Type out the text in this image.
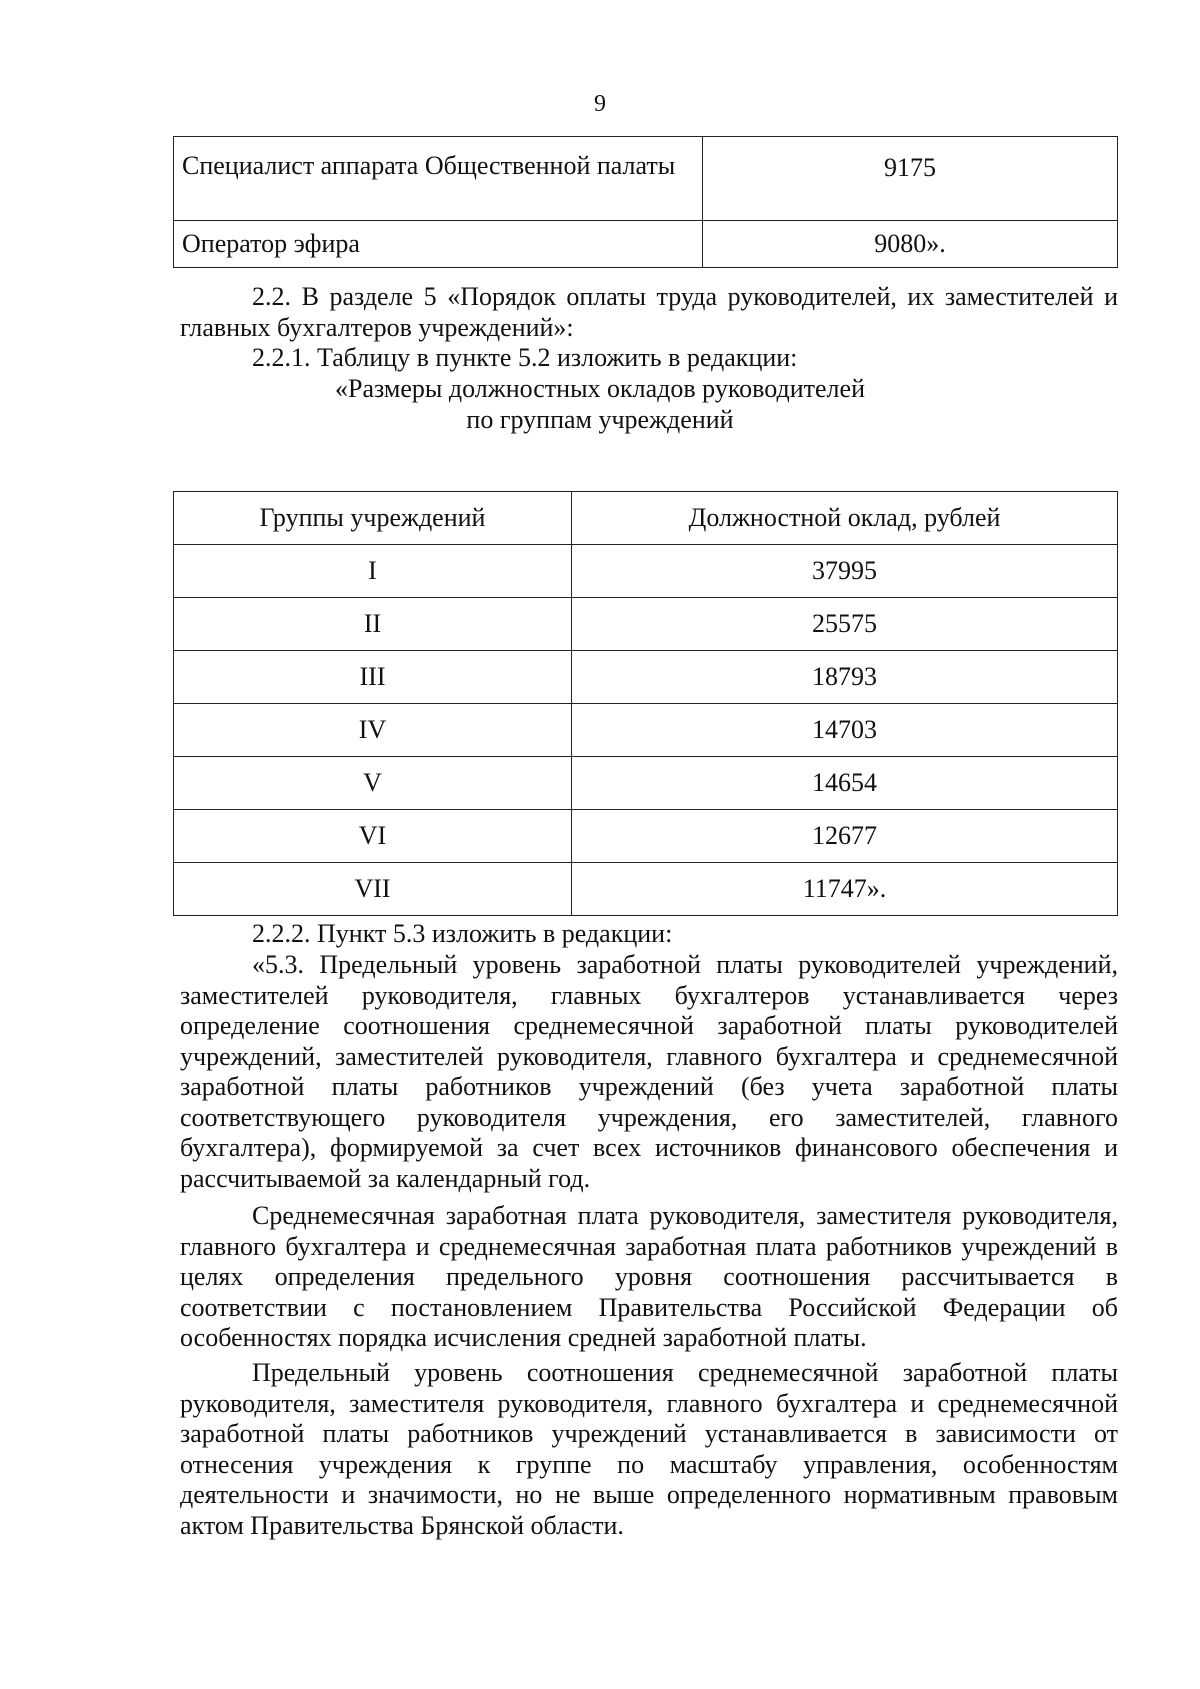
9
Специалист аппарата Общественной палаты	9175
Оператор эфира	9080».

2.2. В разделе 5 «Порядок оплаты труда руководителей, их заместителей и главных бухгалтеров учреждений»:

2.2.1. Таблицу в пункте 5.2 изложить в редакции:

«Размеры должностных окладов руководителей

по группам учреждений

Группы учреждений	Должностной оклад, рублей
I	37995
II	25575
III	18793
IV	14703
V	14654
VI	12677
VII	11747».

2.2.2. Пункт 5.3 изложить в редакции:

«5.3. Предельный уровень заработной платы руководителей учреждений, заместителей руководителя, главных бухгалтеров устанавливается через определение соотношения среднемесячной заработной платы руководителей учреждений, заместителей руководителя, главного бухгалтера и среднемесячной заработной платы работников учреждений (без учета заработной платы соответствующего руководителя учреждения, его заместителей, главного бухгалтера), формируемой за счет всех источников финансового обеспечения и рассчитываемой за календарный год.

Среднемесячная заработная плата руководителя, заместителя руководителя, главного бухгалтера и среднемесячная заработная плата работников учреждений в целях определения предельного уровня соотношения рассчитывается в соответствии с постановлением Правительства Российской Федерации об особенностях порядка исчисления средней заработной платы.

Предельный уровень соотношения среднемесячной заработной платы руководителя, заместителя руководителя, главного бухгалтера и среднемесячной заработной платы работников учреждений устанавливается в зависимости от отнесения учреждения к группе по масштабу управления, особенностям деятельности и значимости, но не выше определенного нормативным правовым актом Правительства Брянской области.
